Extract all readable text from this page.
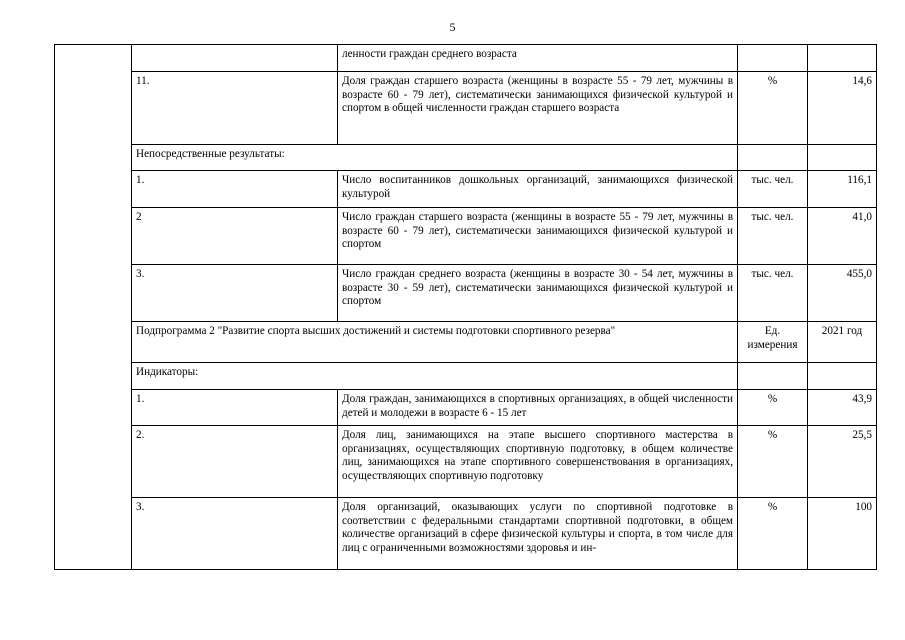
5
		ленности граждан среднего возраста		
	11.	Доля граждан старшего возраста (женщины в возрасте 55 - 79 лет, мужчины в возрасте 60 - 79 лет), систематически занимающихся физической культурой и спортом в общей численности граждан старшего возраста	%	14,6
	Непосредственные результаты:			
	1.	Число воспитанников дошкольных организаций, занимающихся физической культурой	тыс. чел.	116,1
	2	Число граждан старшего возраста (женщины в возрасте 55 - 79 лет, мужчины в возрасте 60 - 79 лет), систематически занимающихся физической культурой и спортом	тыс. чел.	41,0
	3.	Число граждан среднего возраста (женщины в возрасте 30 - 54 лет, мужчины в возрасте 30 - 59 лет), систематически занимающихся физической культурой и спортом	тыс. чел.	455,0
	Подпрограмма 2 "Развитие спорта высших достижений и системы подготовки спортивного резерва"		Ед. измерения	2021 год
	Индикаторы:			
	1.	Доля граждан, занимающихся в спортивных организациях, в общей численности детей и молодежи в возрасте 6 - 15 лет	%	43,9
	2.	Доля лиц, занимающихся на этапе высшего спортивного мастерства в организациях, осуществляющих спортивную подготовку, в общем количестве лиц, занимающихся на этапе спортивного совершенствования в организациях, осуществляющих спортивную подготовку	%	25,5
	3.	Доля организаций, оказывающих услуги по спортивной подготовке в соответствии с федеральными стандартами спортивной подготовки, в общем количестве организаций в сфере физической культуры и спорта, в том числе для лиц с ограниченными возможностями здоровья и ин-	%	100
